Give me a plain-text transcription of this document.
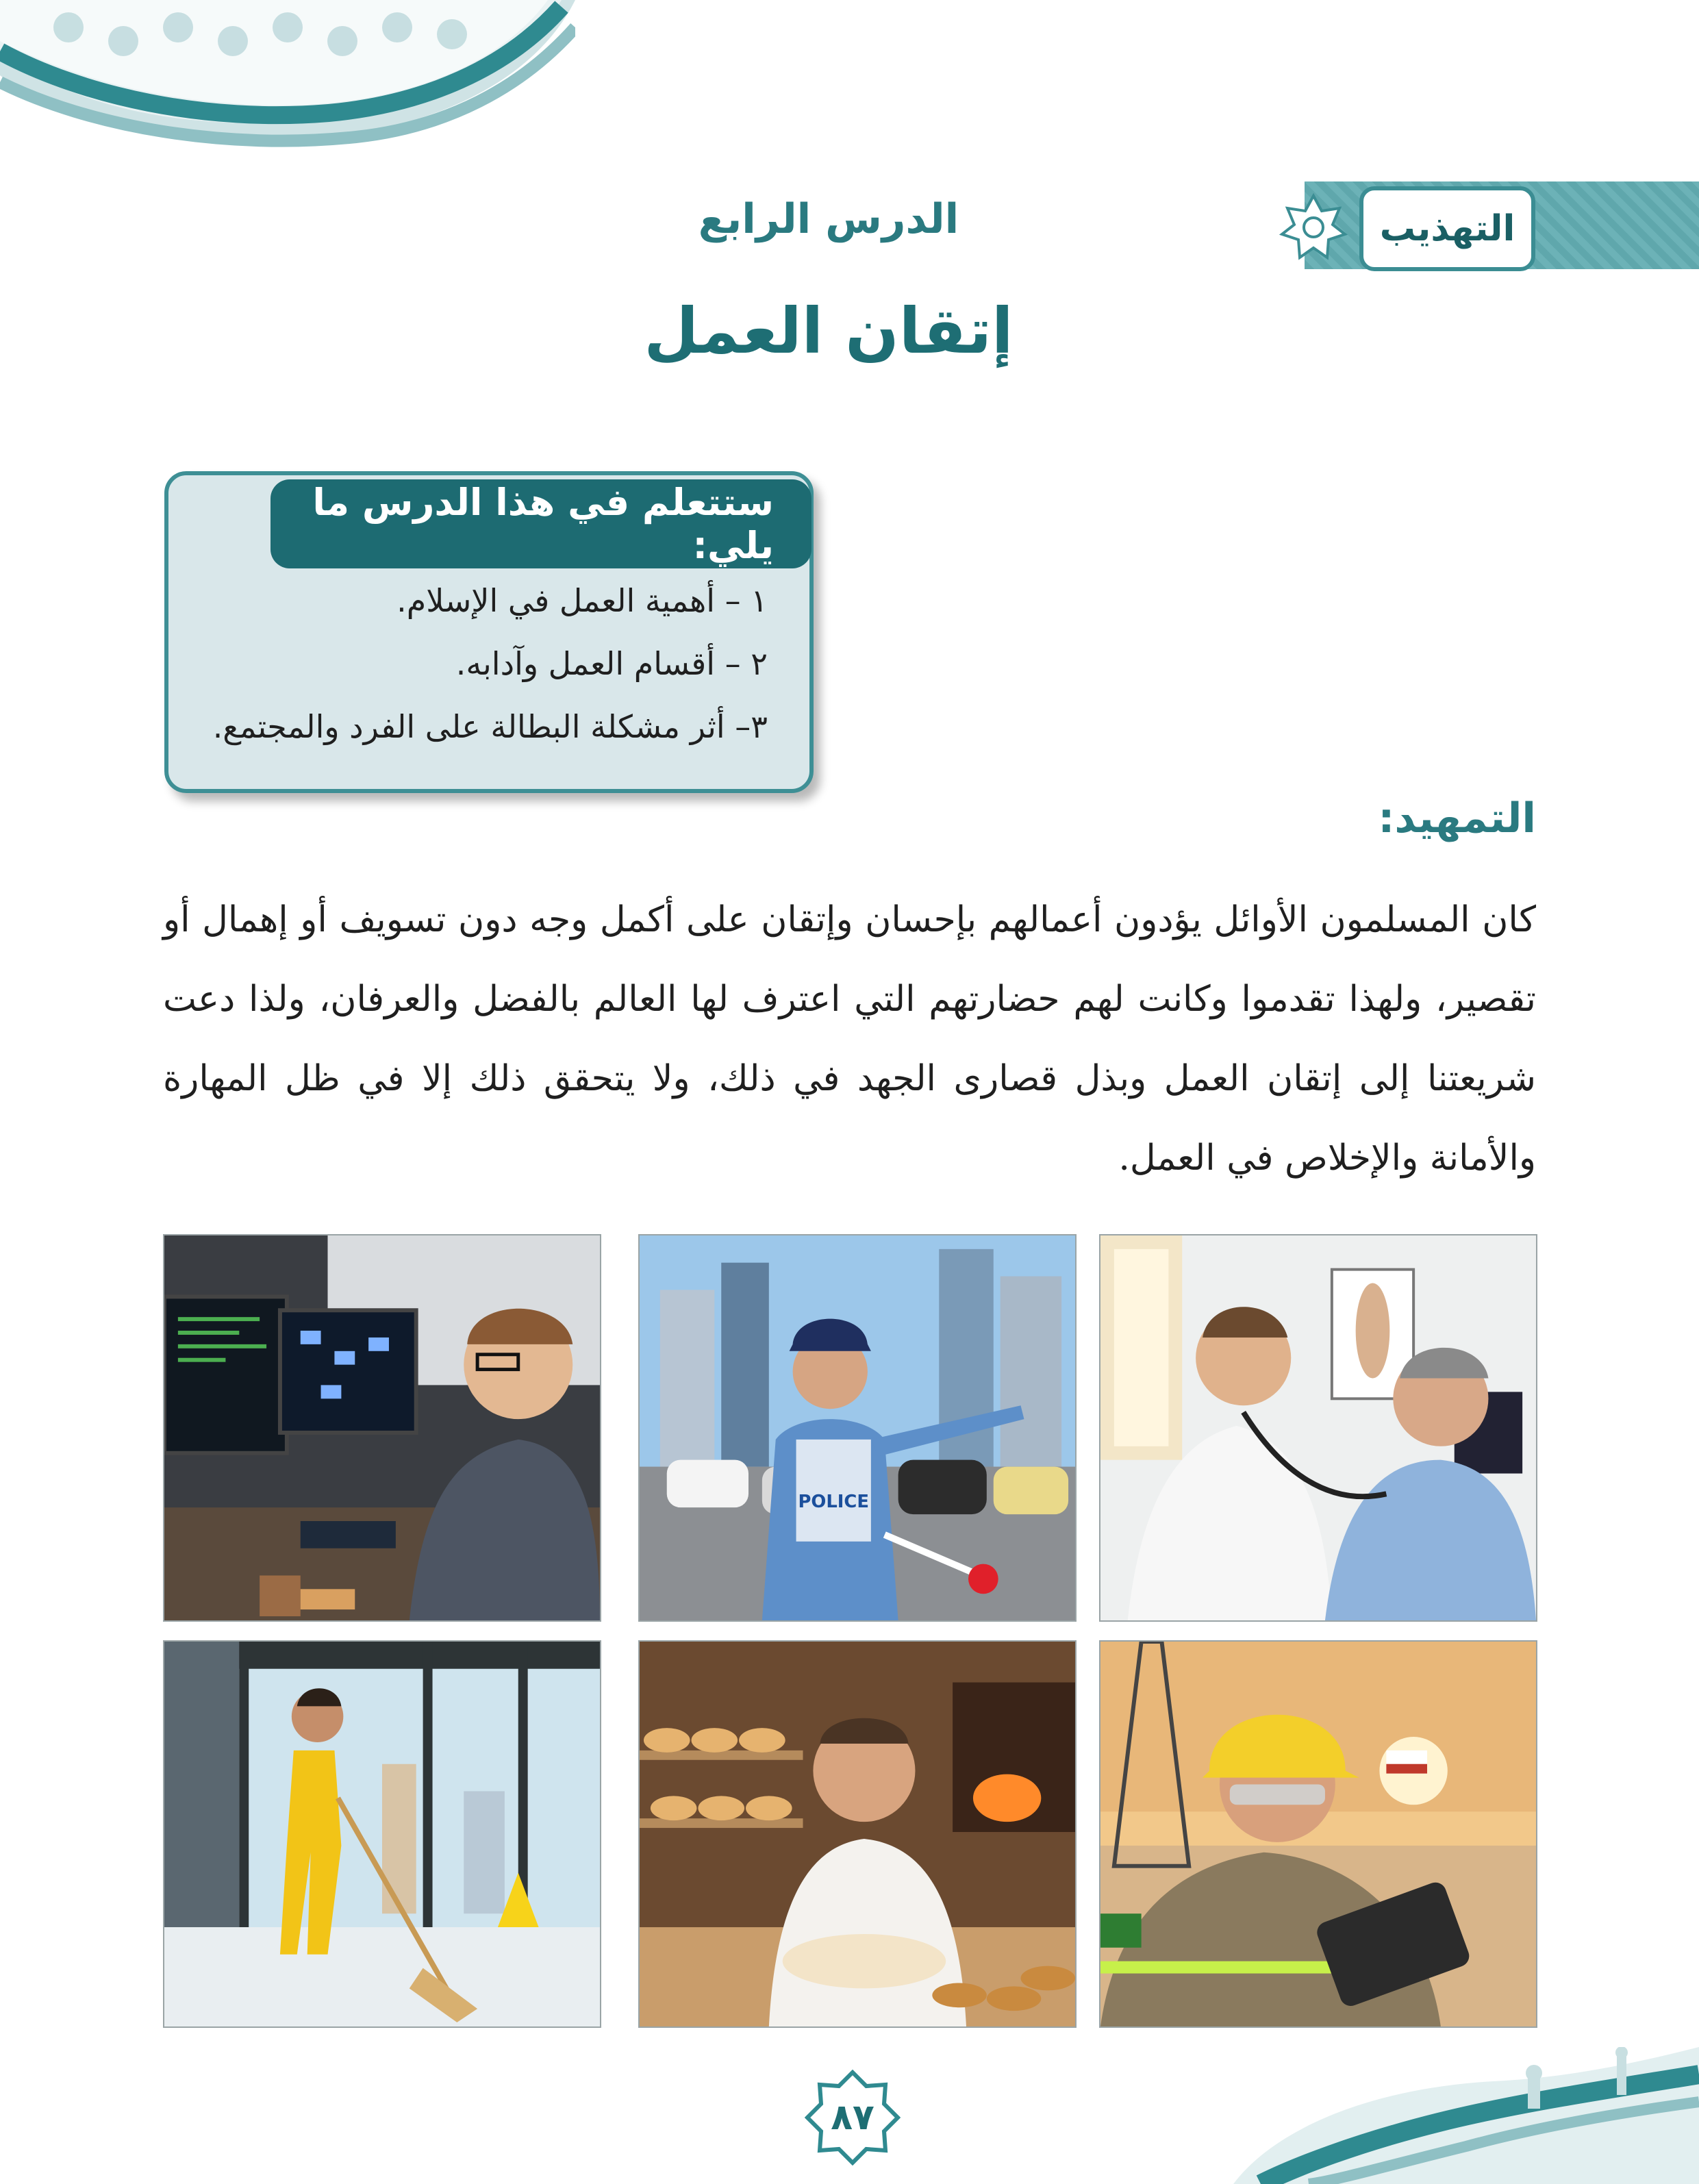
التهذيب
الدرس الرابع
إتقان العمل
ستتعلم في هذا الدرس ما يلي:
١ – أهمية العمل في الإسلام.
٢ – أقسام العمل وآدابه.
٣– أثر مشكلة البطالة على الفرد والمجتمع.
التمهيد:
كان المسلمون الأوائل يؤدون أعمالهم بإحسان وإتقان على أكمل وجه دون تسويف أو إهمال أو تقصير، ولهذا تقدموا وكانت لهم حضارتهم التي اعترف لها العالم بالفضل والعرفان، ولذا دعت شريعتنا إلى إتقان العمل وبذل قصارى الجهد في ذلك، ولا يتحقق ذلك إلا في ظل المهارة والأمانة والإخلاص في العمل.
POLICE
٨٧
